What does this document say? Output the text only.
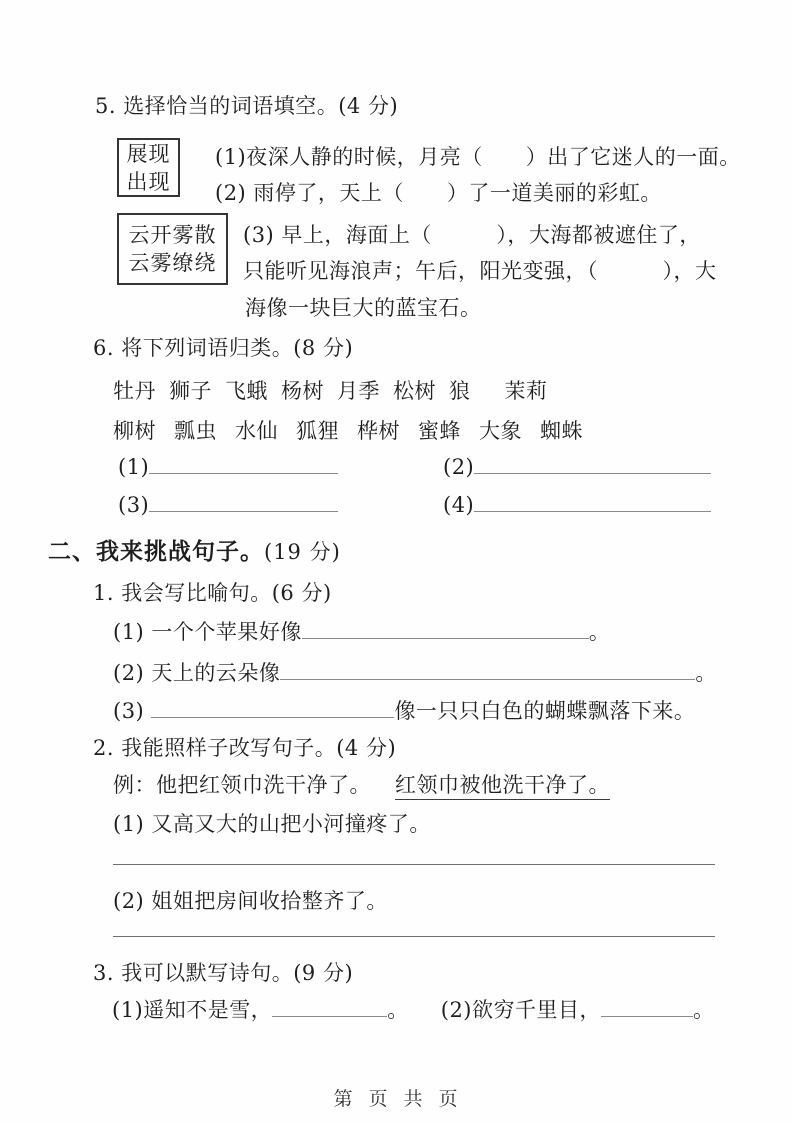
5. 选择恰当的词语填空。(4 分)
展现
出现
(1)夜深人静的时候，月亮（　　）出了它迷人的一面。
(2) 雨停了，天上（　　）了一道美丽的彩虹。
云开雾散
云雾缭绕
(3) 早上，海面上（　　　），大海都被遮住了，
只能听见海浪声；午后，阳光变强，（　　　），大
海像一块巨大的蓝宝石。
6. 将下列词语归类。(8 分)
牡丹 狮子 飞蛾 杨树 月季 松树 狼 茉莉
柳树 瓢虫 水仙 狐狸 桦树 蜜蜂 大象 蜘蛛
(1)	(2)
(3)	(4)
二、我来挑战句子。(19 分)
1. 我会写比喻句。(6 分)
(1) 一个个苹果好像	。
(2) 天上的云朵像	。
(3)	像一只只白色的蝴蝶飘落下来。
2. 我能照样子改写句子。(4 分)
例：他把红领巾洗干净了。 红领巾被他洗干净了。
(1) 又高又大的山把小河撞疼了。
(2) 姐姐把房间收拾整齐了。
3. 我可以默写诗句。(9 分)
(1)遥知不是雪，	。 (2)欲穷千里目，	。
第 页 共 页
